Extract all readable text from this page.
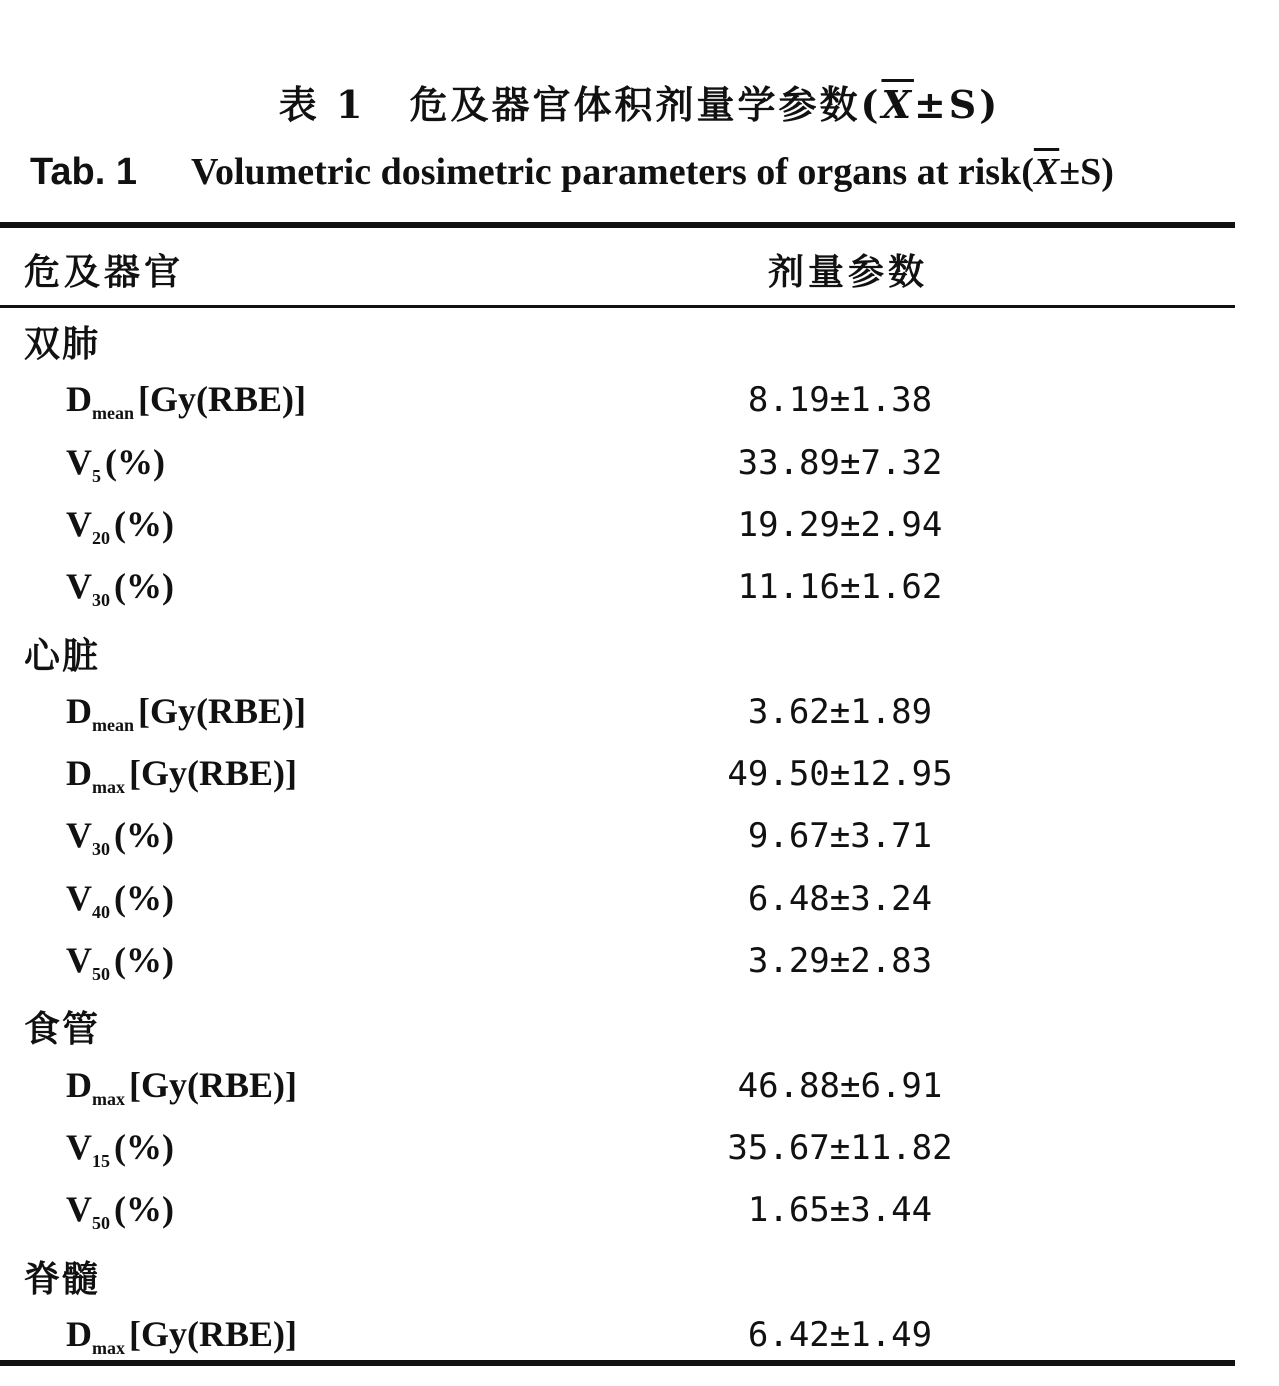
表 1 危及器官体积剂量学参数$(\overline{X}\pm S)$
Tab. 1 Volumetric dosimetric parameters of organs at $risk(\overline{X}\pm S)$
危及器官	剂量参数
双肺
$D_{mean}$ [Gy(RBE)]	8.19±1.38
$V_5$ (%)	33.89±7.32
$V_{20}$ (%)	19.29±2.94
$V_{30}$ (%)	11.16±1.62
心脏
$D_{mean}$ [Gy(RBE)]	3.62±1.89
$D_{max}$ [Gy(RBE)]	49.50±12.95
$V_{30}$ (%)	9.67±3.71
$V_{40}$ (%)	6.48±3.24
$V_{50}$ (%)	3.29±2.83
食管
$D_{max}$ [Gy(RBE)]	46.88±6.91
$V_{15}$ (%)	35.67±11.82
$V_{50}$ (%)	1.65±3.44
脊髓
$D_{max}$ [Gy(RBE)]	6.42±1.49
